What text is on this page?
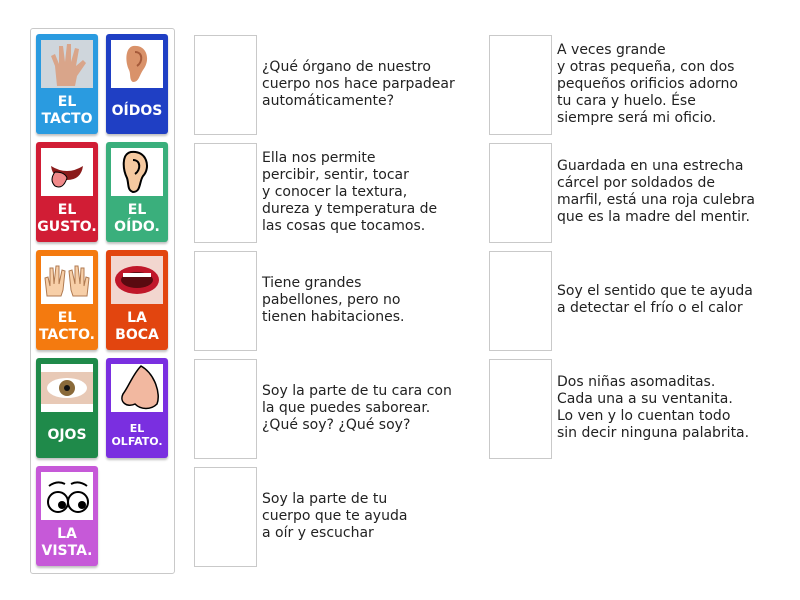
EL
TACTO
OÍDOS
EL
GUSTO.
EL
OÍDO.
EL
TACTO.
LA
BOCA
OJOS	EL
OLFATO.
LA
VISTA.
¿Qué órgano de nuestro
cuerpo nos hace parpadear
automáticamente?
Ella nos permite
percibir, sentir, tocar
y conocer la textura,
dureza y temperatura de
las cosas que tocamos.
Tiene grandes
pabellones, pero no
tienen habitaciones.
Soy la parte de tu cara con
la que puedes saborear.
¿Qué soy? ¿Qué soy?
Soy la parte de tu
cuerpo que te ayuda
a oír y escuchar
A veces grande
y otras pequeña, con dos
pequeños orificios adorno
tu cara y huelo. Ése
siempre será mi oficio.
Guardada en una estrecha
cárcel por soldados de
marfil, está una roja culebra
que es la madre del mentir.
Soy el sentido que te ayuda
a detectar el frío o el calor
Dos niñas asomaditas.
Cada una a su ventanita.
Lo ven y lo cuentan todo
sin decir ninguna palabrita.
